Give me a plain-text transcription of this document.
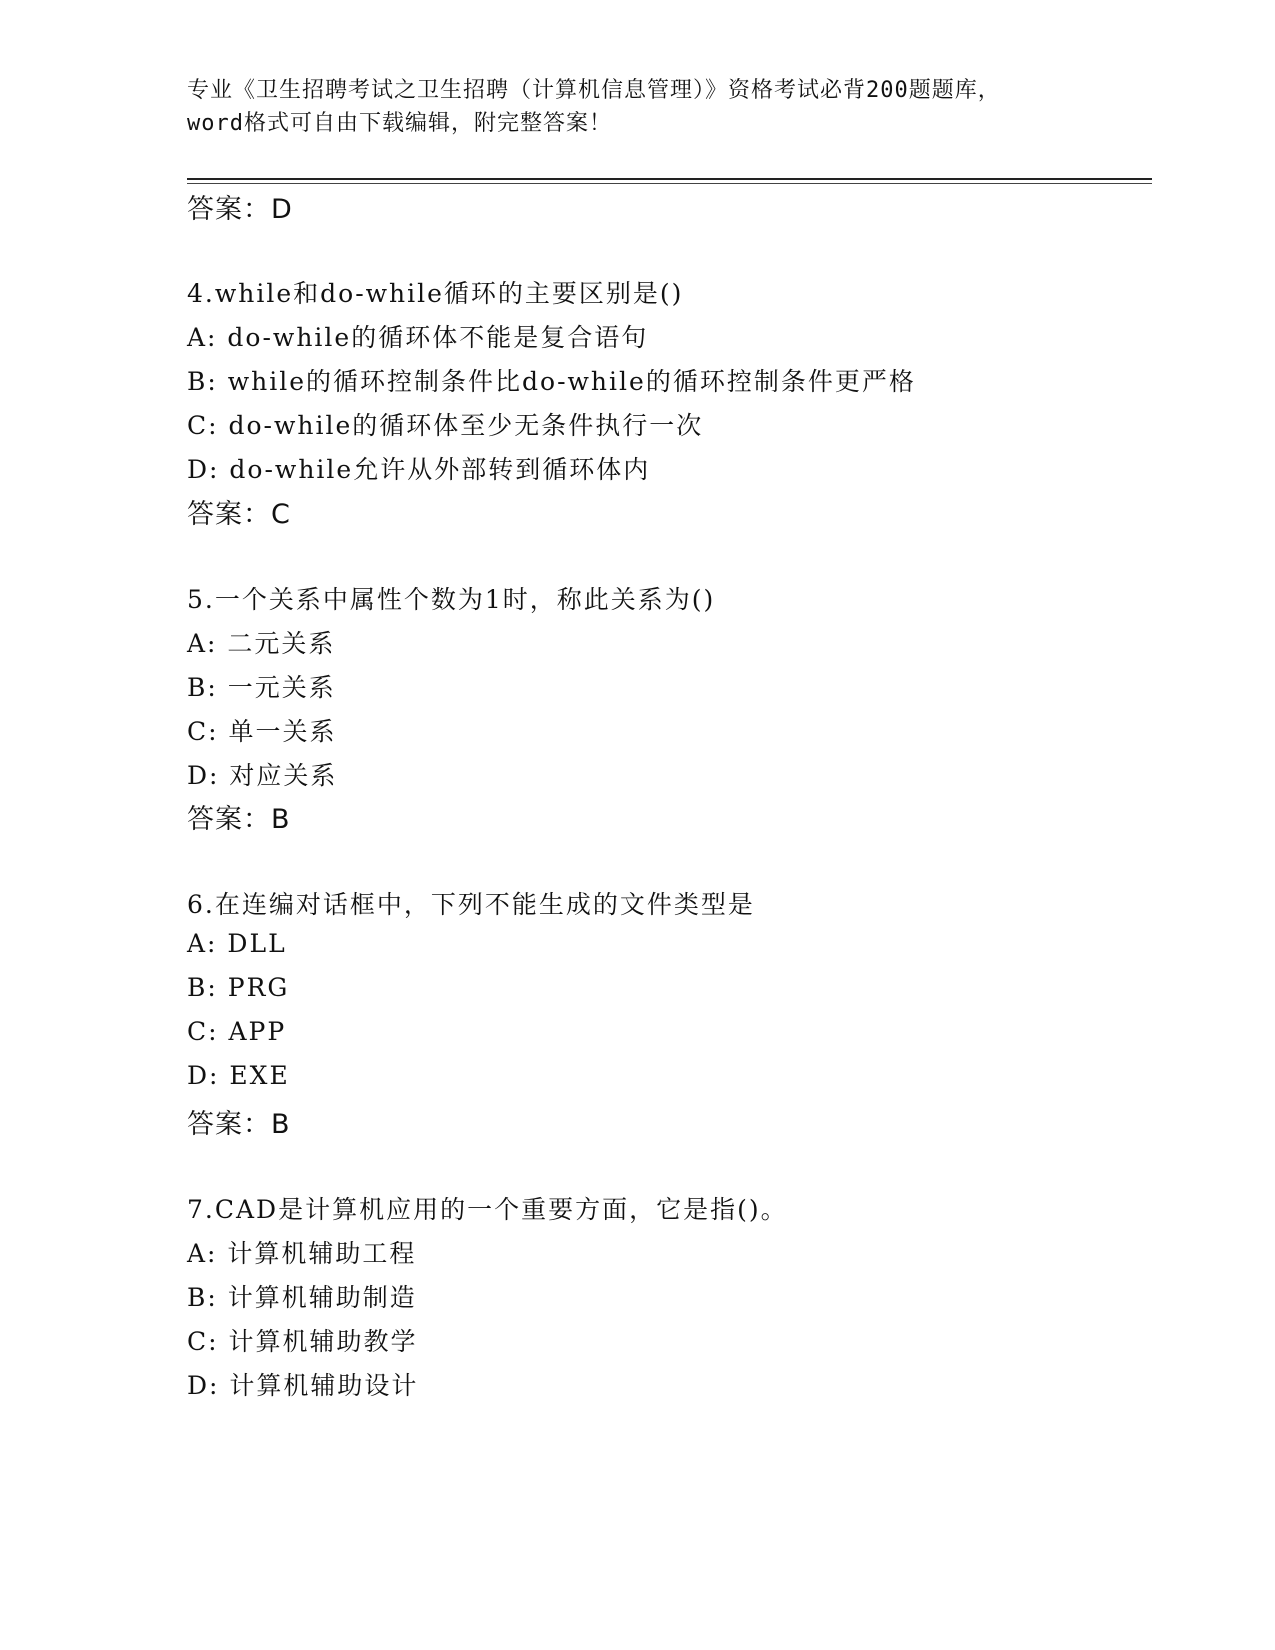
专业《卫生招聘考试之卫生招聘（计算机信息管理）》资格考试必背200题题库，
word格式可自由下载编辑，附完整答案！
答案：D
4.while和do-while循环的主要区别是()
A: do-while的循环体不能是复合语句
B: while的循环控制条件比do-while的循环控制条件更严格
C: do-while的循环体至少无条件执行一次
D: do-while允许从外部转到循环体内
答案：C
5.一个关系中属性个数为1时，称此关系为()
A: 二元关系
B: 一元关系
C: 单一关系
D: 对应关系
答案：B
6.在连编对话框中，下列不能生成的文件类型是
A: DLL
B: PRG
C: APP
D: EXE
答案：B
7.CAD是计算机应用的一个重要方面，它是指()。
A: 计算机辅助工程
B: 计算机辅助制造
C: 计算机辅助教学
D: 计算机辅助设计
